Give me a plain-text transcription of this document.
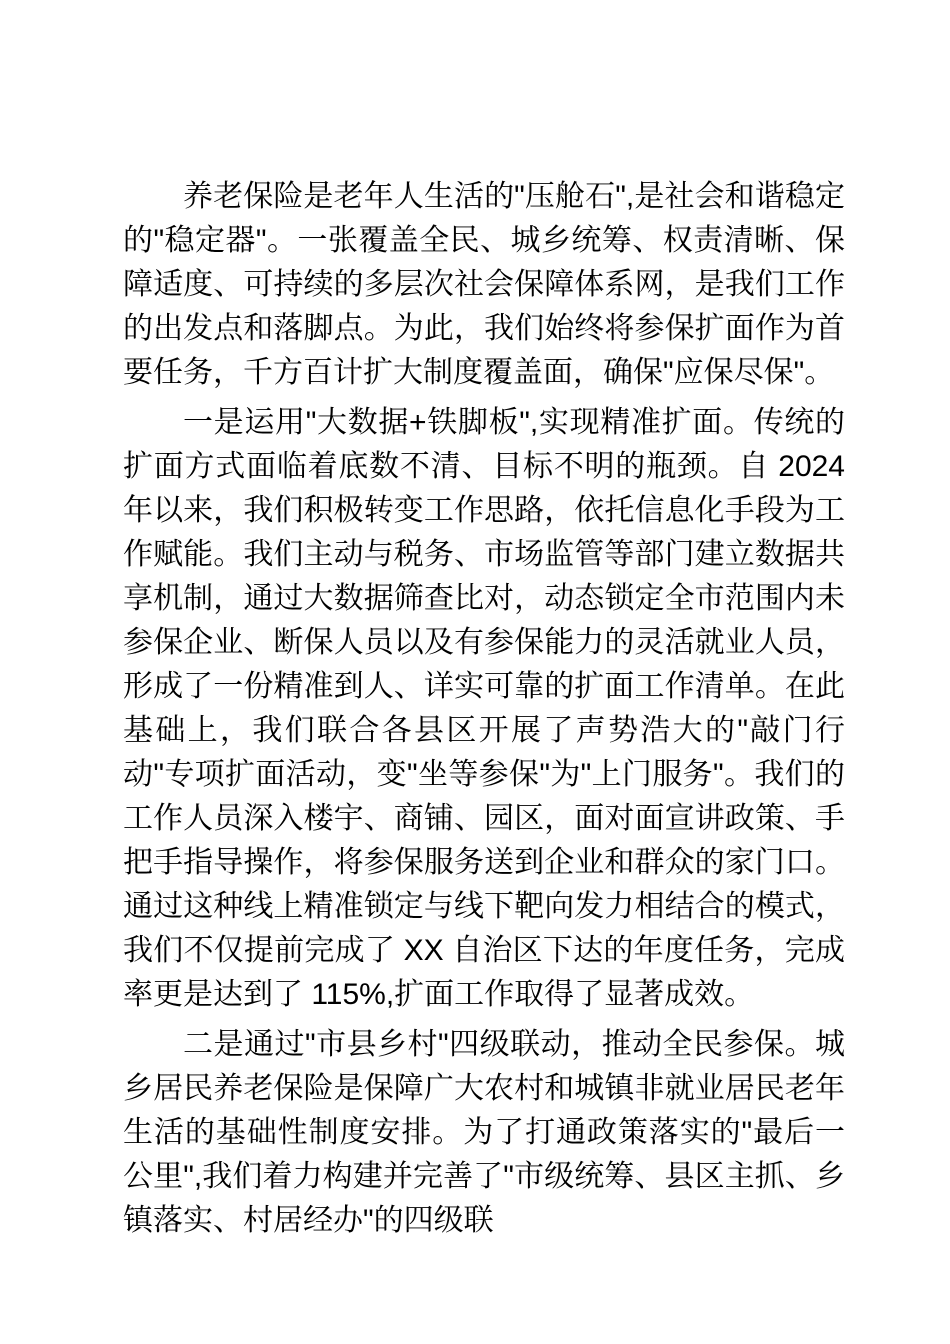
养老保险是老年人生活的"压舱石",是社会和谐稳定的"稳定器"。一张覆盖全民、城乡统筹、权责清晰、保障适度、可持续的多层次社会保障体系网，是我们工作的出发点和落脚点。为此，我们始终将参保扩面作为首要任务，千方百计扩大制度覆盖面，确保"应保尽保"。

一是运用"大数据+铁脚板",实现精准扩面。传统的扩面方式面临着底数不清、目标不明的瓶颈。自 2024 年以来，我们积极转变工作思路，依托信息化手段为工作赋能。我们主动与税务、市场监管等部门建立数据共享机制，通过大数据筛查比对，动态锁定全市范围内未参保企业、断保人员以及有参保能力的灵活就业人员，形成了一份精准到人、详实可靠的扩面工作清单。在此基础上，我们联合各县区开展了声势浩大的"敲门行动"专项扩面活动，变"坐等参保"为"上门服务"。我们的工作人员深入楼宇、商铺、园区，面对面宣讲政策、手把手指导操作，将参保服务送到企业和群众的家门口。通过这种线上精准锁定与线下靶向发力相结合的模式，我们不仅提前完成了 XX 自治区下达的年度任务，完成率更是达到了 115%,扩面工作取得了显著成效。

二是通过"市县乡村"四级联动，推动全民参保。城乡居民养老保险是保障广大农村和城镇非就业居民老年生活的基础性制度安排。为了打通政策落实的"最后一公里",我们着力构建并完善了"市级统筹、县区主抓、乡镇落实、村居经办"的四级联
